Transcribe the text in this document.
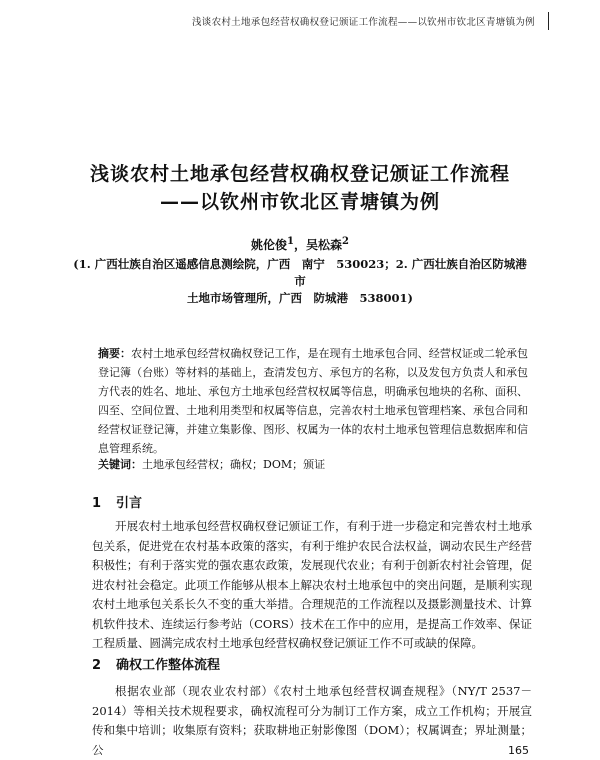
浅谈农村土地承包经营权确权登记颁证工作流程——以钦州市钦北区青塘镇为例
浅谈农村土地承包经营权确权登记颁证工作流程
——以钦州市钦北区青塘镇为例
姚伦俊$^1$，吴松森$^2$
(1. 广西壮族自治区遥感信息测绘院，广西　南宁　530023；2. 广西壮族自治区防城港市
土地市场管理所，广西　防城港　538001)
摘要：农村土地承包经营权确权登记工作，是在现有土地承包合同、经营权证或二轮承包登记簿（台账）等材料的基础上，查清发包方、承包方的名称，以及发包方负责人和承包方代表的姓名、地址、承包方土地承包经营权权属等信息，明确承包地块的名称、面积、四至、空间位置、土地利用类型和权属等信息，完善农村土地承包管理档案、承包合同和经营权证登记簿，并建立集影像、图形、权属为一体的农村土地承包管理信息数据库和信息管理系统。
关键词：土地承包经营权；确权；DOM；颁证
1 引言

开展农村土地承包经营权确权登记颁证工作，有利于进一步稳定和完善农村土地承包关系，促进党在农村基本政策的落实，有利于维护农民合法权益，调动农民生产经营积极性；有利于落实党的强农惠农政策，发展现代农业；有利于创新农村社会管理，促进农村社会稳定。此项工作能够从根本上解决农村土地承包中的突出问题，是顺利实现农村土地承包关系长久不变的重大举措。合理规范的工作流程以及摄影测量技术、计算机软件技术、连续运行参考站（CORS）技术在工作中的应用，是提高工作效率、保证工程质量、圆满完成农村土地承包经营权确权登记颁证工作不可或缺的保障。

2 确权工作整体流程

根据农业部（现农业农村部）《农村土地承包经营权调查规程》（NY/T 2537－2014）等相关技术规程要求，确权流程可分为制订工作方案，成立工作机构；开展宣传和集中培训；收集原有资料；获取耕地正射影像图（DOM）；权属调查；界址测量；公	165
